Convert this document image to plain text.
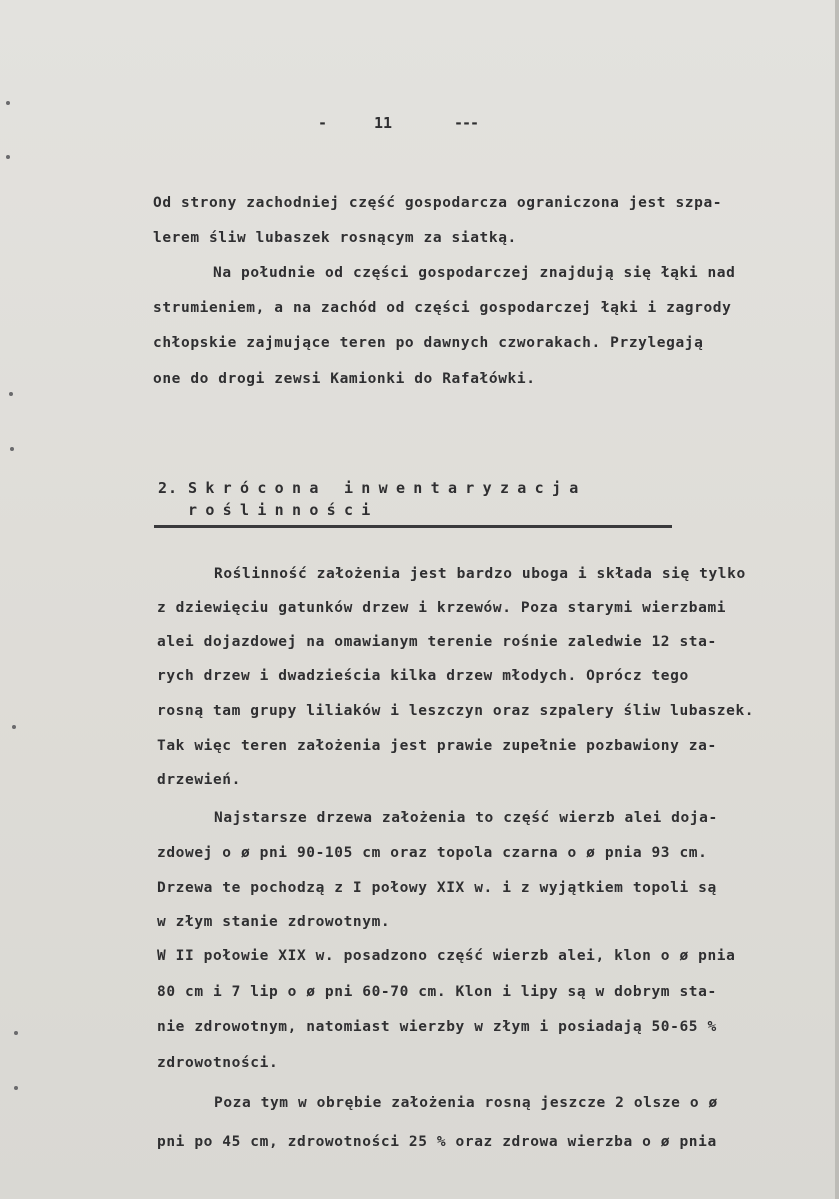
-	11	---

Od strony zachodniej część gospodarcza ograniczona jest szpa-

lerem śliw lubaszek rosnącym za siatką.

Na południe od części gospodarczej znajdują się łąki nad

strumieniem, a na zachód od części gospodarczej łąki i zagrody

chłopskie zajmujące teren po dawnych czworakach. Przylegają

one do drogi zewsi Kamionki do Rafałówki.

2. Skrócona inwentaryzacja
roślinności

Roślinność założenia jest bardzo uboga i składa się tylko

z dziewięciu gatunków drzew i krzewów. Poza starymi wierzbami

alei dojazdowej na omawianym terenie rośnie zaledwie 12 sta-

rych drzew i dwadzieścia kilka drzew młodych. Oprócz tego

rosną tam grupy liliaków i leszczyn oraz szpalery śliw lubaszek.

Tak więc teren założenia jest prawie zupełnie pozbawiony za-

drzewień.

Najstarsze drzewa założenia to część wierzb alei doja-

zdowej o ø pni 90-105 cm oraz topola czarna o ø pnia 93 cm.

Drzewa te pochodzą z I połowy XIX w. i z wyjątkiem topoli są

w złym stanie zdrowotnym.

W II połowie XIX w. posadzono część wierzb alei, klon o ø pnia

80 cm i 7 lip o ø pni 60-70 cm. Klon i lipy są w dobrym sta-

nie zdrowotnym, natomiast wierzby w złym i posiadają 50-65 %

zdrowotności.

Poza tym w obrębie założenia rosną jeszcze 2 olsze o ø

pni po 45 cm, zdrowotności 25 % oraz zdrowa wierzba o ø pnia
